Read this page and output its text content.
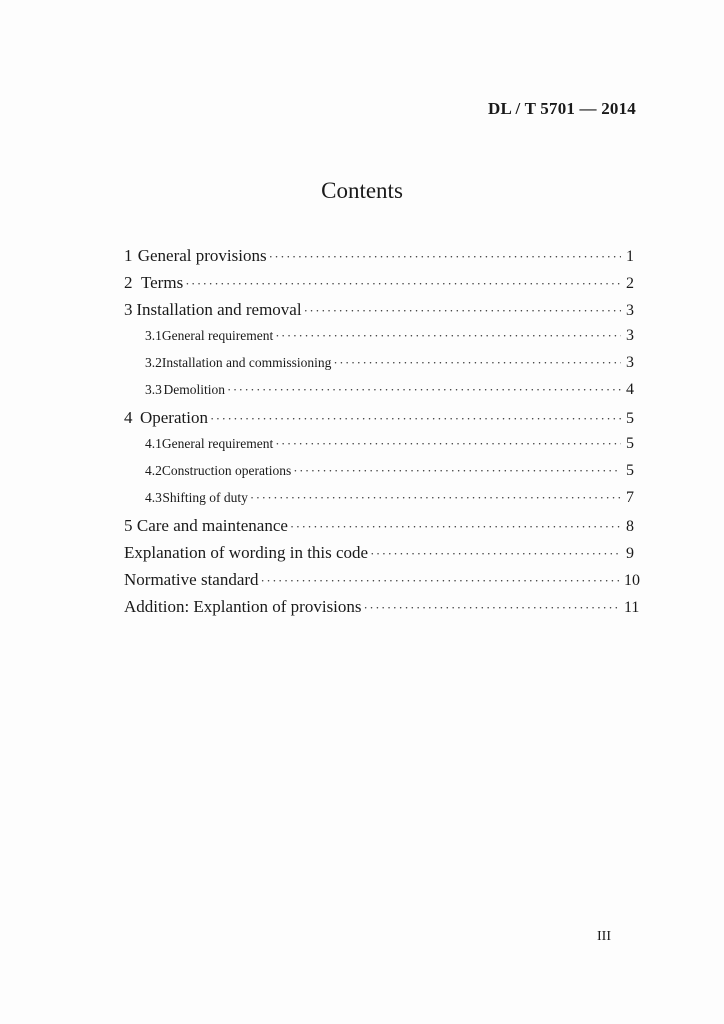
DL / T 5701 — 2014
Contents
1 General provisions ·····	1
2 Terms ·····	2
3 Installation and removal ·····	3
3.1 General requirement ·····	3
3.2 Installation and commissioning ·····	3
3.3 Demolition ·····	4
4 Operation ·····	5
4.1 General requirement ·····	5
4.2 Construction operations ·····	5
4.3 Shifting of duty ·····	7
5 Care and maintenance ·····	8
Explanation of wording in this code ·····	9
Normative standard ·····	10
Addition: Explantion of provisions ·····	11
III
